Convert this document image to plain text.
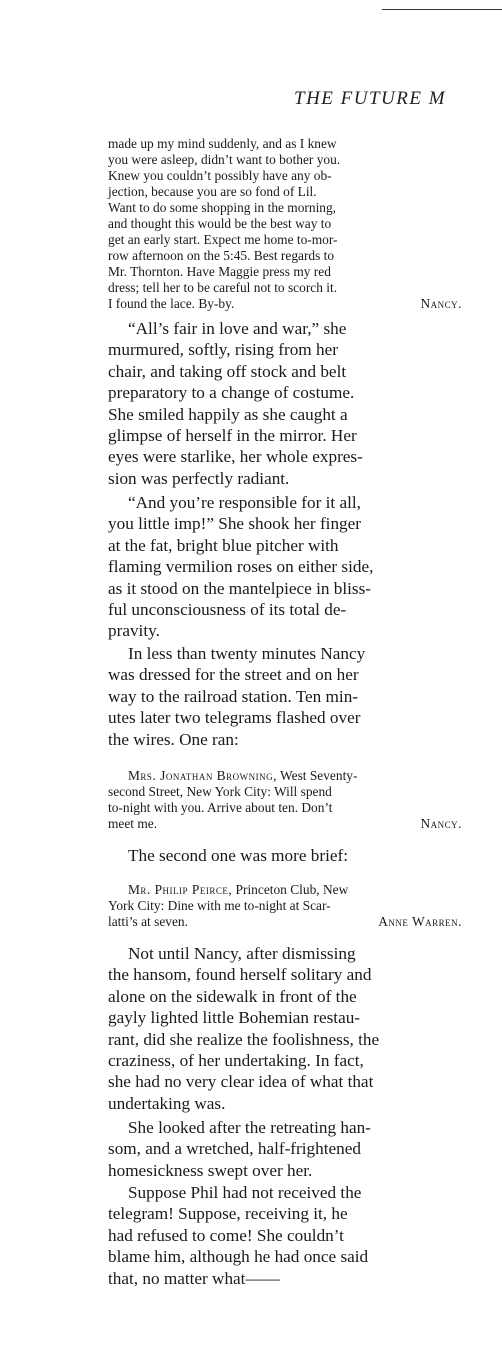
THE FUTURE M

made up my mind suddenly, and as I knew

you were asleep, didn’t want to bother you.

Knew you couldn’t possibly have any ob-

jection, because you are so fond of Lil.

Want to do some shopping in the morning,

and thought this would be the best way to

get an early start. Expect me home to-mor-

row afternoon on the 5:45. Best regards to

Mr. Thornton. Have Maggie press my red

dress; tell her to be careful not to scorch it.

I found the lace. By-by.	Nancy.

“All’s fair in love and war,” she

murmured, softly, rising from her

chair, and taking off stock and belt

preparatory to a change of costume.

She smiled happily as she caught a

glimpse of herself in the mirror. Her

eyes were starlike, her whole expres-

sion was perfectly radiant.

“And you’re responsible for it all,

you little imp!” She shook her finger

at the fat, bright blue pitcher with

flaming vermilion roses on either side,

as it stood on the mantelpiece in bliss-

ful unconsciousness of its total de-

pravity.

In less than twenty minutes Nancy

was dressed for the street and on her

way to the railroad station. Ten min-

utes later two telegrams flashed over

the wires. One ran:

Mrs. Jonathan Browning, West Seventy-

second Street, New York City: Will spend

to-night with you. Arrive about ten. Don’t

meet me.	Nancy.

The second one was more brief:

Mr. Philip Peirce, Princeton Club, New

York City: Dine with me to-night at Scar-

latti’s at seven.	Anne Warren.

Not until Nancy, after dismissing

the hansom, found herself solitary and

alone on the sidewalk in front of the

gayly lighted little Bohemian restau-

rant, did she realize the foolishness, the

craziness, of her undertaking. In fact,

she had no very clear idea of what that

undertaking was.

She looked after the retreating han-

som, and a wretched, half-frightened

homesickness swept over her.

Suppose Phil had not received the

telegram! Suppose, receiving it, he

had refused to come! She couldn’t

blame him, although he had once said

that, no matter what——
